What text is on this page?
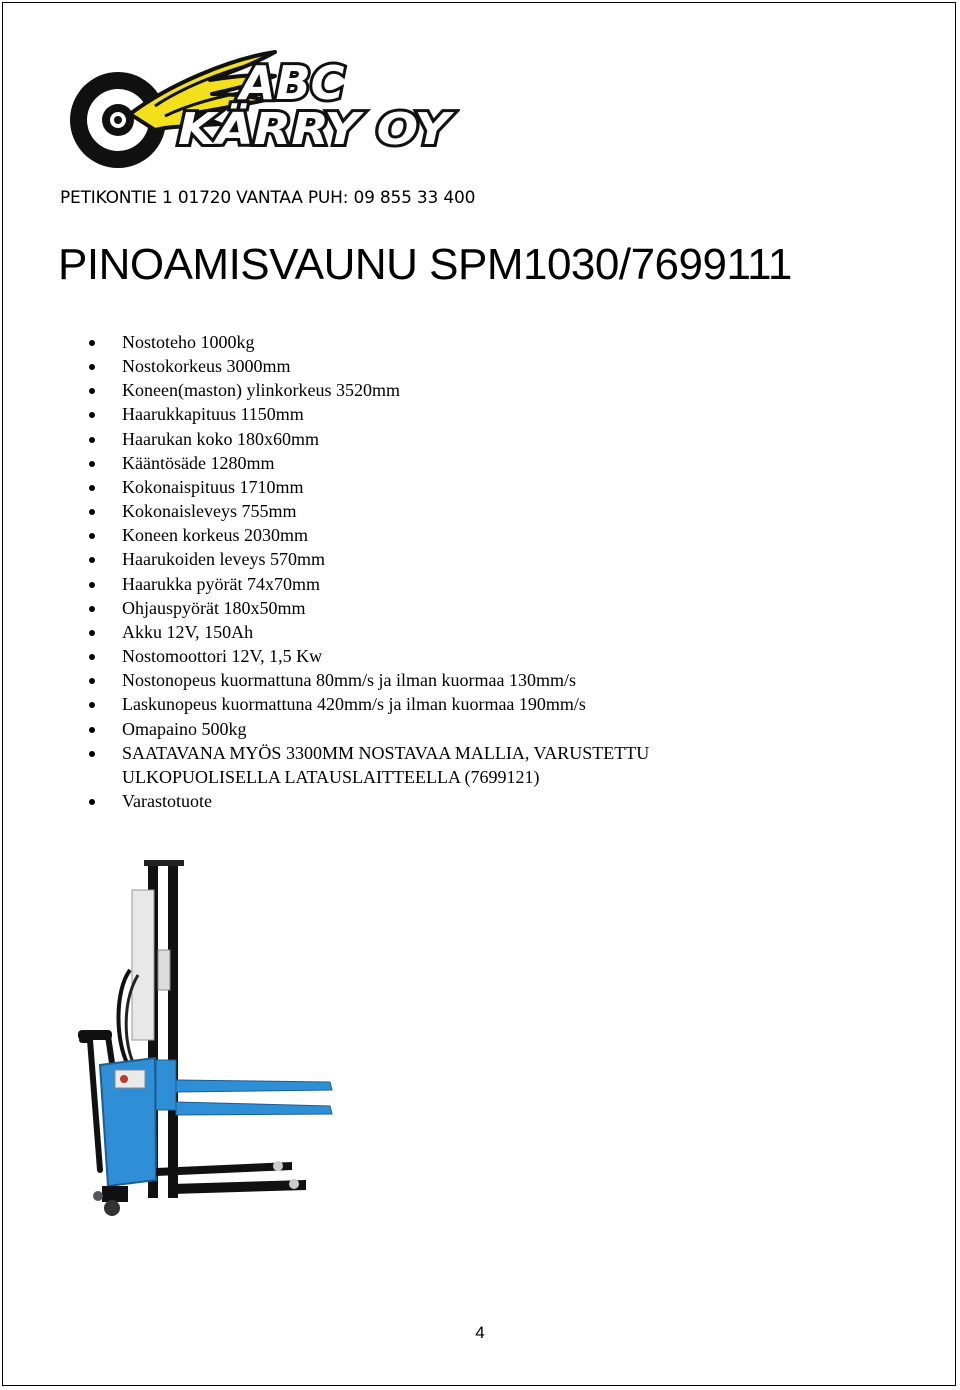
ABC
KÄRRY OY
PETIKONTIE 1 01720 VANTAA PUH: 09 855 33 400
PINOAMISVAUNU SPM1030/7699111
Nostoteho 1000kg
Nostokorkeus 3000mm
Koneen(maston) ylinkorkeus 3520mm
Haarukkapituus 1150mm
Haarukan koko 180x60mm
Kääntösäde 1280mm
Kokonaispituus 1710mm
Kokonaisleveys 755mm
Koneen korkeus 2030mm
Haarukoiden leveys 570mm
Haarukka pyörät 74x70mm
Ohjauspyörät 180x50mm
Akku 12V, 150Ah
Nostomoottori 12V, 1,5 Kw
Nostonopeus kuormattuna 80mm/s ja ilman kuormaa 130mm/s
Laskunopeus kuormattuna 420mm/s ja ilman kuormaa 190mm/s
Omapaino 500kg
SAATAVANA MYÖS 3300MM NOSTAVAA MALLIA, VARUSTETTU
ULKOPUOLISELLA LATAUSLAITTEELLA (7699121)
Varastotuote
4
